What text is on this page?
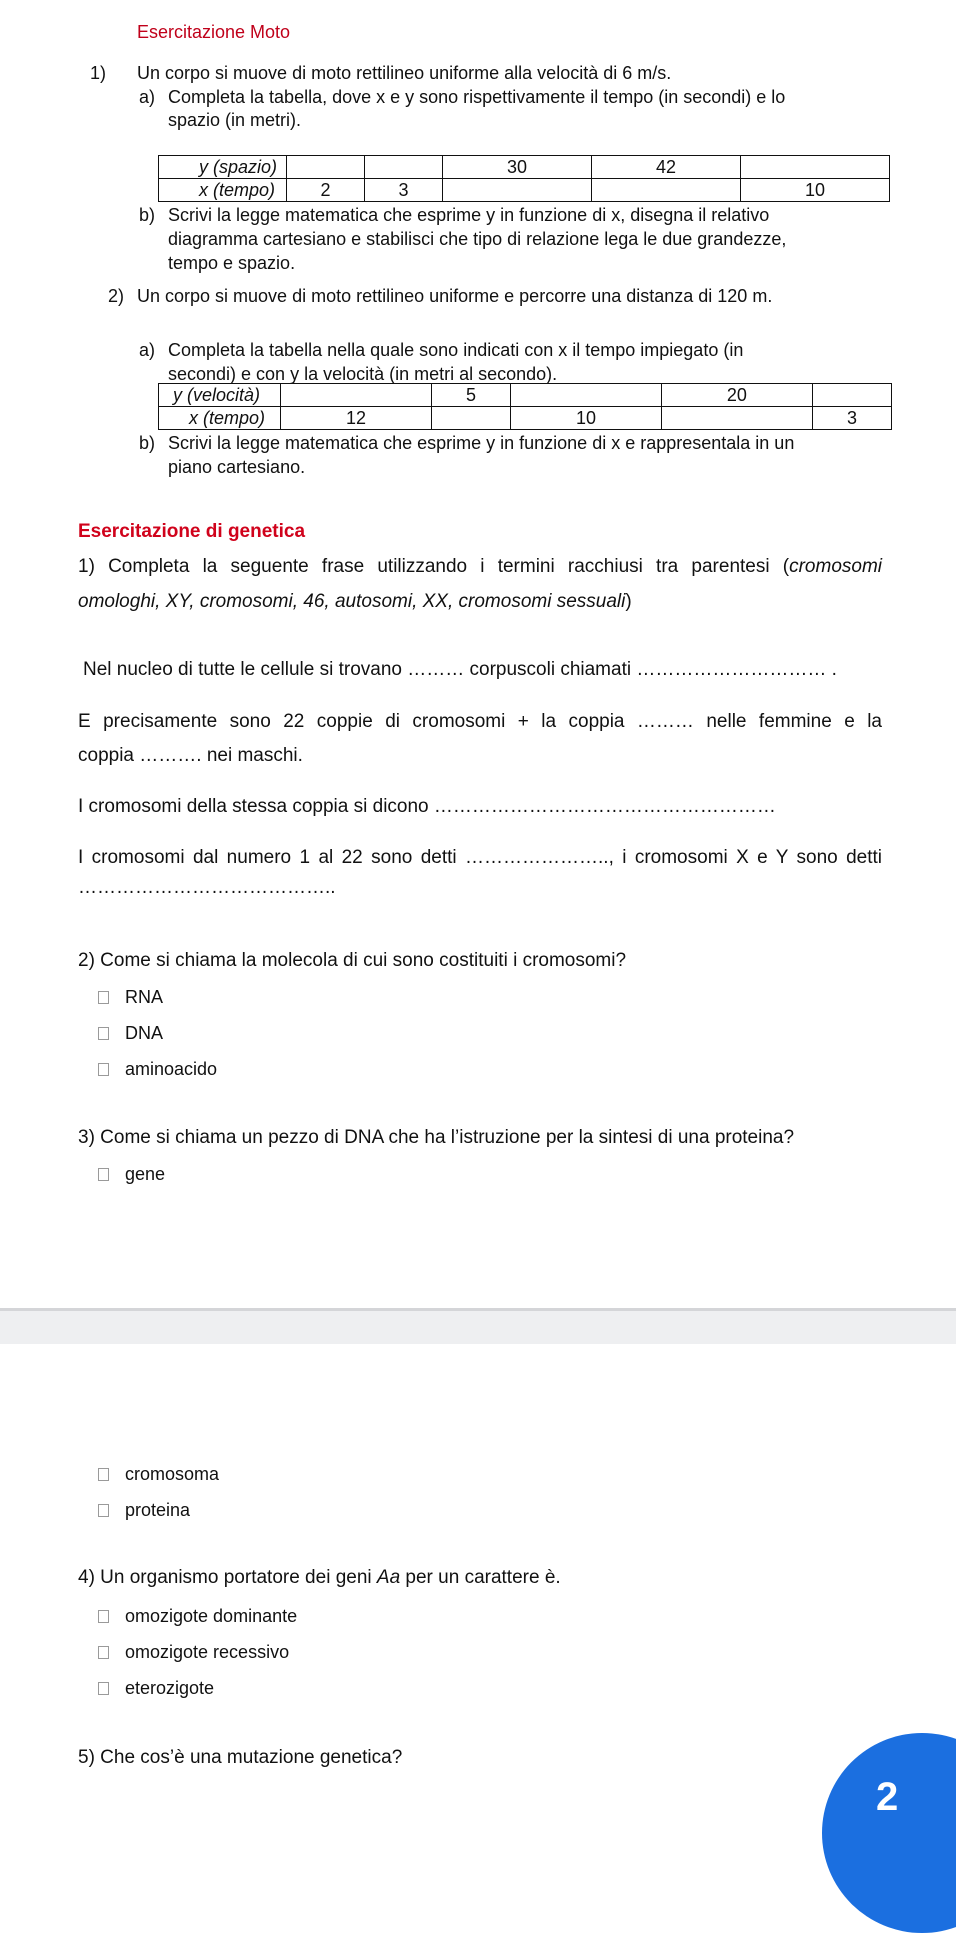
Esercitazione Moto
1) Un corpo si muove di moto rettilineo uniforme alla velocità di 6 m/s.
a) Completa la tabella, dove x e y sono rispettivamente il tempo (in secondi) e lo
spazio (in metri).
y (spazio)			30	42	
x (tempo)	2	3			10
b) Scrivi la legge matematica che esprime y in funzione di x, disegna il relativo
diagramma cartesiano e stabilisci che tipo di relazione lega le due grandezze,
tempo e spazio.
2) Un corpo si muove di moto rettilineo uniforme e percorre una distanza di 120 m.
a) Completa la tabella nella quale sono indicati con x il tempo impiegato (in
secondi) e con y la velocità (in metri al secondo).
y (velocità)		5		20	
x (tempo)	12		10		3
b) Scrivi la legge matematica che esprime y in funzione di x e rappresentala in un
piano cartesiano.
Esercitazione di genetica
1) Completa la seguente frase utilizzando i termini racchiusi tra parentesi (cromosomi
omologhi, XY, cromosomi, 46, autosomi, XX, cromosomi sessuali)
Nel nucleo di tutte le cellule si trovano ……… corpuscoli chiamati ………………………… .
E precisamente sono 22 coppie di cromosomi + la coppia ……… nelle femmine e la
coppia ………. nei maschi.
I cromosomi della stessa coppia si dicono ………………………………………………
I cromosomi dal numero 1 al 22 sono detti ………………….., i cromosomi X e Y sono detti
…………………………………..
2) Come si chiama la molecola di cui sono costituiti i cromosomi?
RNA
DNA
aminoacido
3) Come si chiama un pezzo di DNA che ha l’istruzione per la sintesi di una proteina?
gene
cromosoma
proteina
4) Un organismo portatore dei geni Aa per un carattere è.
omozigote dominante
omozigote recessivo
eterozigote
5) Che cos’è una mutazione genetica?
2
